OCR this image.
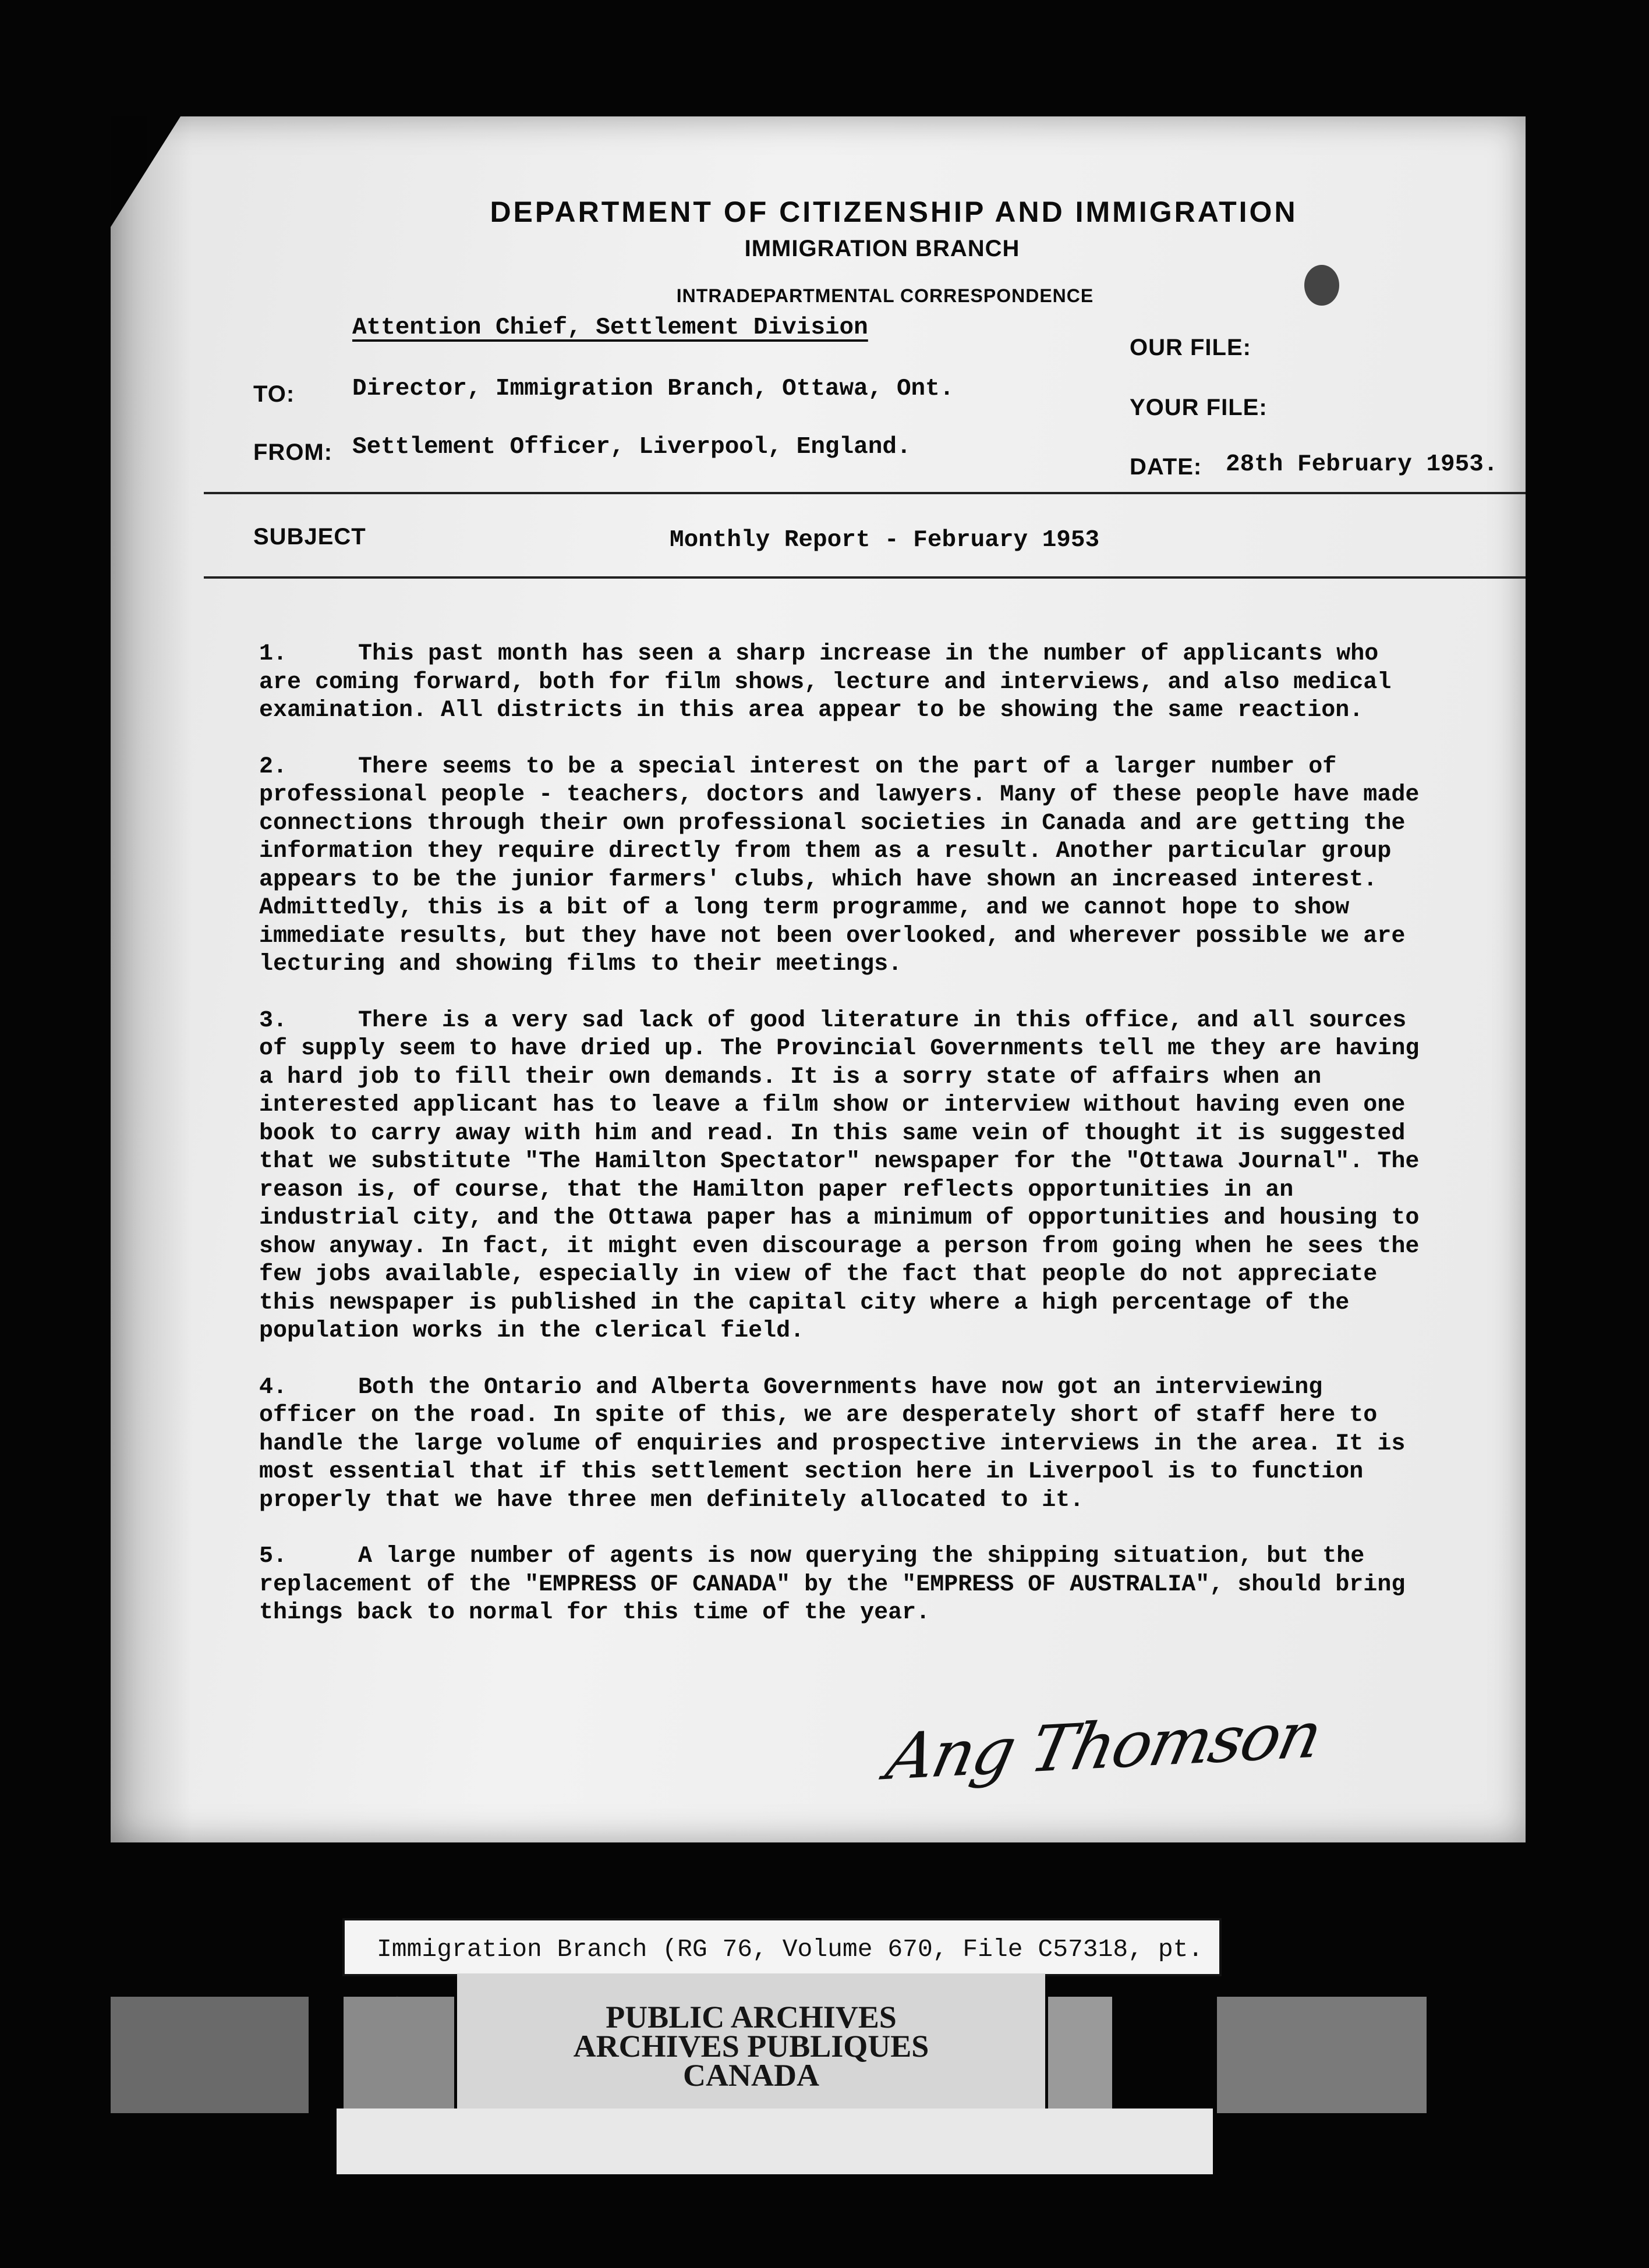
DEPARTMENT OF CITIZENSHIP AND IMMIGRATION
IMMIGRATION BRANCH
INTRADEPARTMENTAL CORRESPONDENCE
Attention Chief, Settlement Division
OUR FILE:
YOUR FILE:
DATE: 28th February 1953.
TO: Director, Immigration Branch, Ottawa, Ont.
FROM: Settlement Officer, Liverpool, England.
SUBJECT	Monthly Report - February 1953

1.	This past month has seen a sharp increase in the number of applicants who are coming forward, both for film shows, lecture and interviews, and also medical examination. All districts in this area appear to be showing the same reaction.

2.	There seems to be a special interest on the part of a larger number of professional people - teachers, doctors and lawyers. Many of these people have made connections through their own professional societies in Canada and are getting the information they require directly from them as a result. Another particular group appears to be the junior farmers' clubs, which have shown an increased interest. Admittedly, this is a bit of a long term programme, and we cannot hope to show immediate results, but they have not been overlooked, and wherever possible we are lecturing and showing films to their meetings.

3.	There is a very sad lack of good literature in this office, and all sources of supply seem to have dried up. The Provincial Governments tell me they are having a hard job to fill their own demands. It is a sorry state of affairs when an interested applicant has to leave a film show or interview without having even one book to carry away with him and read. In this same vein of thought it is suggested that we substitute "The Hamilton Spectator" newspaper for the "Ottawa Journal". The reason is, of course, that the Hamilton paper reflects opportunities in an industrial city, and the Ottawa paper has a minimum of opportunities and housing to show anyway. In fact, it might even discourage a person from going when he sees the few jobs available, especially in view of the fact that people do not appreciate this newspaper is published in the capital city where a high percentage of the population works in the clerical field.

4.	Both the Ontario and Alberta Governments have now got an interviewing officer on the road. In spite of this, we are desperately short of staff here to handle the large volume of enquiries and prospective interviews in the area. It is most essential that if this settlement section here in Liverpool is to function properly that we have three men definitely allocated to it.

5.	A large number of agents is now querying the shipping situation, but the replacement of the "EMPRESS OF CANADA" by the "EMPRESS OF AUSTRALIA", should bring things back to normal for this time of the year.

Ang Thomson
Immigration Branch (RG 76, Volume 670, File C57318, pt.
PUBLIC ARCHIVES
ARCHIVES PUBLIQUES
CANADA
